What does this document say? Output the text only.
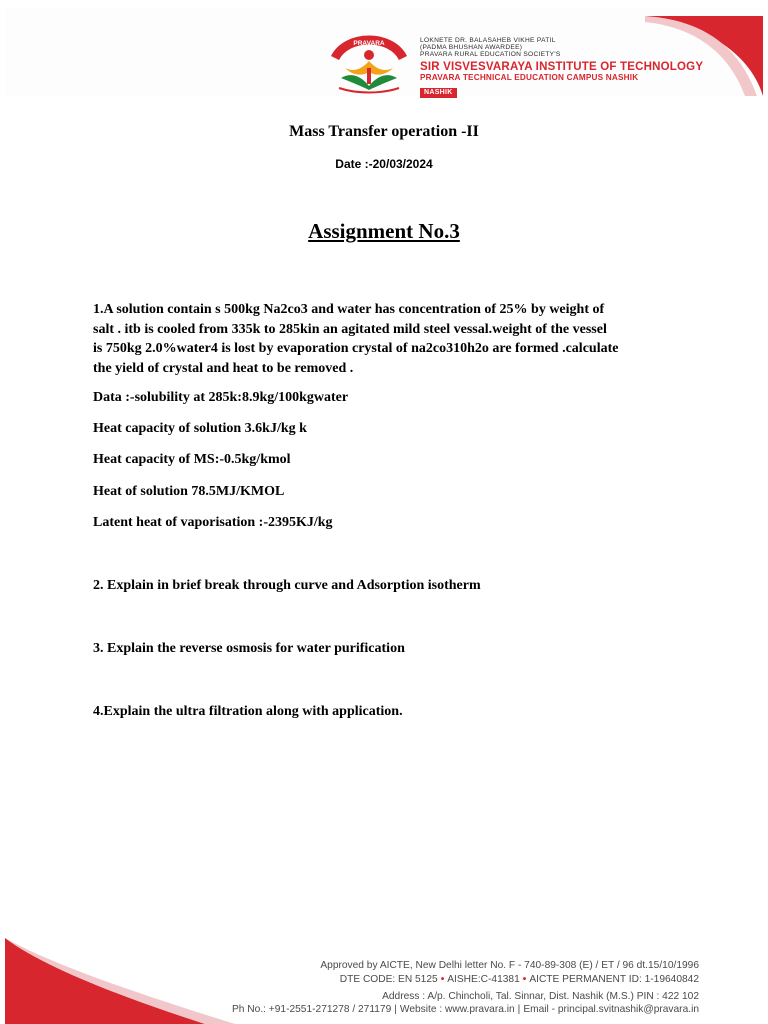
PRAVARA	LOKNETE DR. BALASAHEB VIKHE PATIL
(PADMA BHUSHAN AWARDEE)
PRAVARA RURAL EDUCATION SOCIETY'S
SIR VISVESVARAYA INSTITUTE OF TECHNOLOGY
PRAVARA TECHNICAL EDUCATION CAMPUS NASHIK
NASHIK
Mass Transfer operation -II
Date :-20/03/2024
Assignment No.3
1.A solution contain s 500kg Na2co3 and water has concentration of 25% by weight of
salt . itb is cooled from 335k to 285kin an agitated mild steel vessal.weight of the vessel
is 750kg 2.0%water4 is lost by evaporation crystal of na2co310h2o are formed .calculate
the yield of crystal and heat to be removed .
Data :-solubility at 285k:8.9kg/100kgwater
Heat capacity of solution 3.6kJ/kg k
Heat capacity of MS:-0.5kg/kmol
Heat of solution 78.5MJ/KMOL
Latent heat of vaporisation :-2395KJ/kg
2. Explain in brief break through curve and Adsorption isotherm
3. Explain the reverse osmosis for water purification
4.Explain the ultra filtration along with application.
Approved by AICTE, New Delhi letter No. F - 740-89-308 (E) / ET / 96 dt.15/10/1996
DTE CODE: EN 5125 • AISHE:C-41381 • AICTE PERMANENT ID: 1-19640842
Address : A/p. Chincholi, Tal. Sinnar, Dist. Nashik (M.S.) PIN : 422 102
Ph No.: +91-2551-271278 / 271179 | Website : www.pravara.in | Email - principal.svitnashik@pravara.in
